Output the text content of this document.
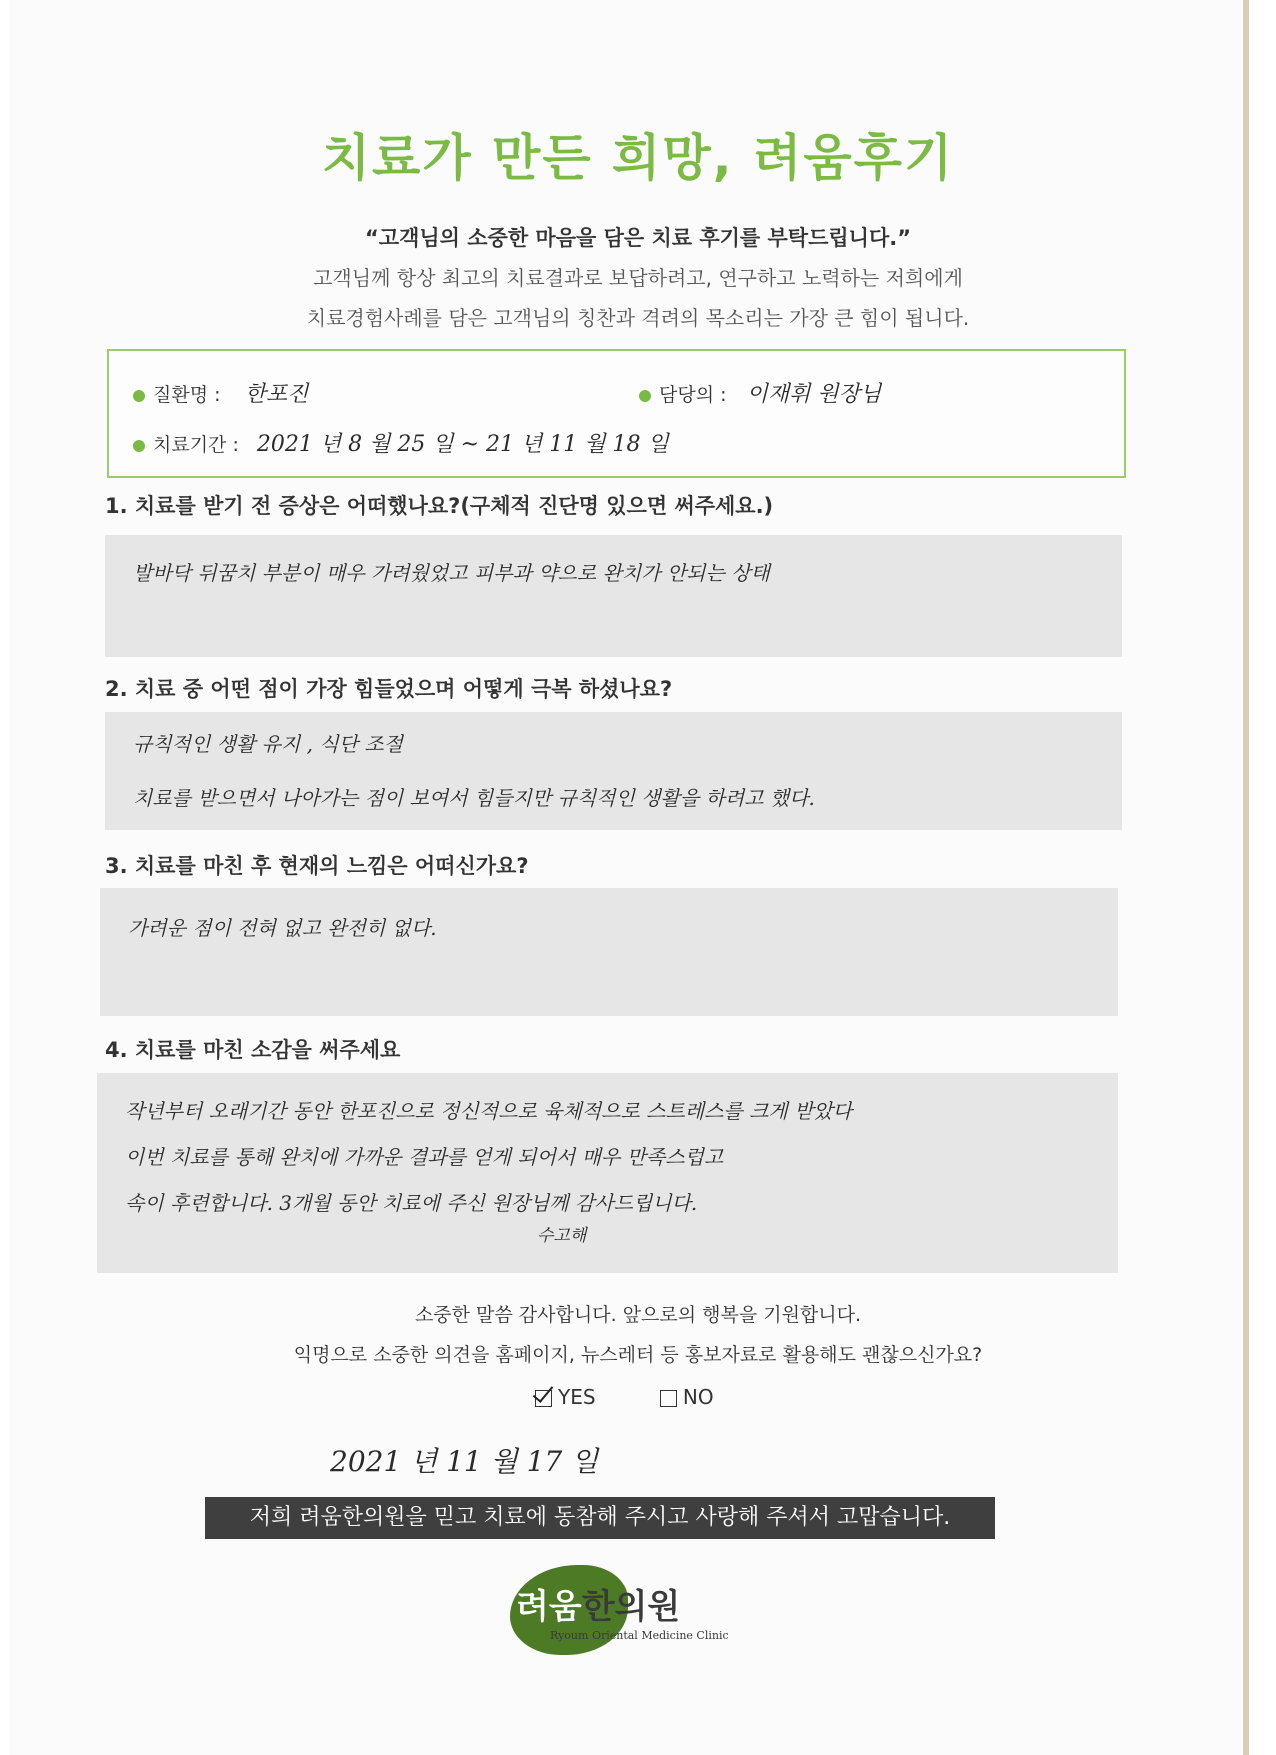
치료가 만든 희망, 려움후기
“고객님의 소중한 마음을 담은 치료 후기를 부탁드립니다.”
고객님께 항상 최고의 치료결과로 보답하려고, 연구하고 노력하는 저희에게
치료경험사례를 담은 고객님의 칭찬과 격려의 목소리는 가장 큰 힘이 됩니다.
질환명 : 한포진	담당의 : 이재휘 원장님
치료기간 : 2021 년 8 월 25 일 ~ 21 년 11 월 18 일
1. 치료를 받기 전 증상은 어떠했나요?(구체적 진단명 있으면 써주세요.)
발바닥 뒤꿈치 부분이 매우 가려웠었고 피부과 약으로 완치가 안되는 상태
2. 치료 중 어떤 점이 가장 힘들었으며 어떻게 극복 하셨나요?
규칙적인 생활 유지 , 식단 조절
치료를 받으면서 나아가는 점이 보여서 힘들지만 규칙적인 생활을 하려고 했다.
3. 치료를 마친 후 현재의 느낌은 어떠신가요?
가려운 점이 전혀 없고 완전히 없다.
4. 치료를 마친 소감을 써주세요
작년부터 오래기간 동안 한포진으로 정신적으로 육체적으로 스트레스를 크게 받았다
이번 치료를 통해 완치에 가까운 결과를 얻게 되어서 매우 만족스럽고
속이 후련합니다. 3개월 동안 치료에 주신 원장님께 감사드립니다.
수고해
소중한 말씀 감사합니다. 앞으로의 행복을 기원합니다.
익명으로 소중한 의견을 홈페이지, 뉴스레터 등 홍보자료로 활용해도 괜찮으신가요?
YES	NO
2021 년 11 월 17 일
저희 려움한의원을 믿고 치료에 동참해 주시고 사랑해 주셔서 고맙습니다.
려움한의원
Ryoum Oriental Medicine Clinic
